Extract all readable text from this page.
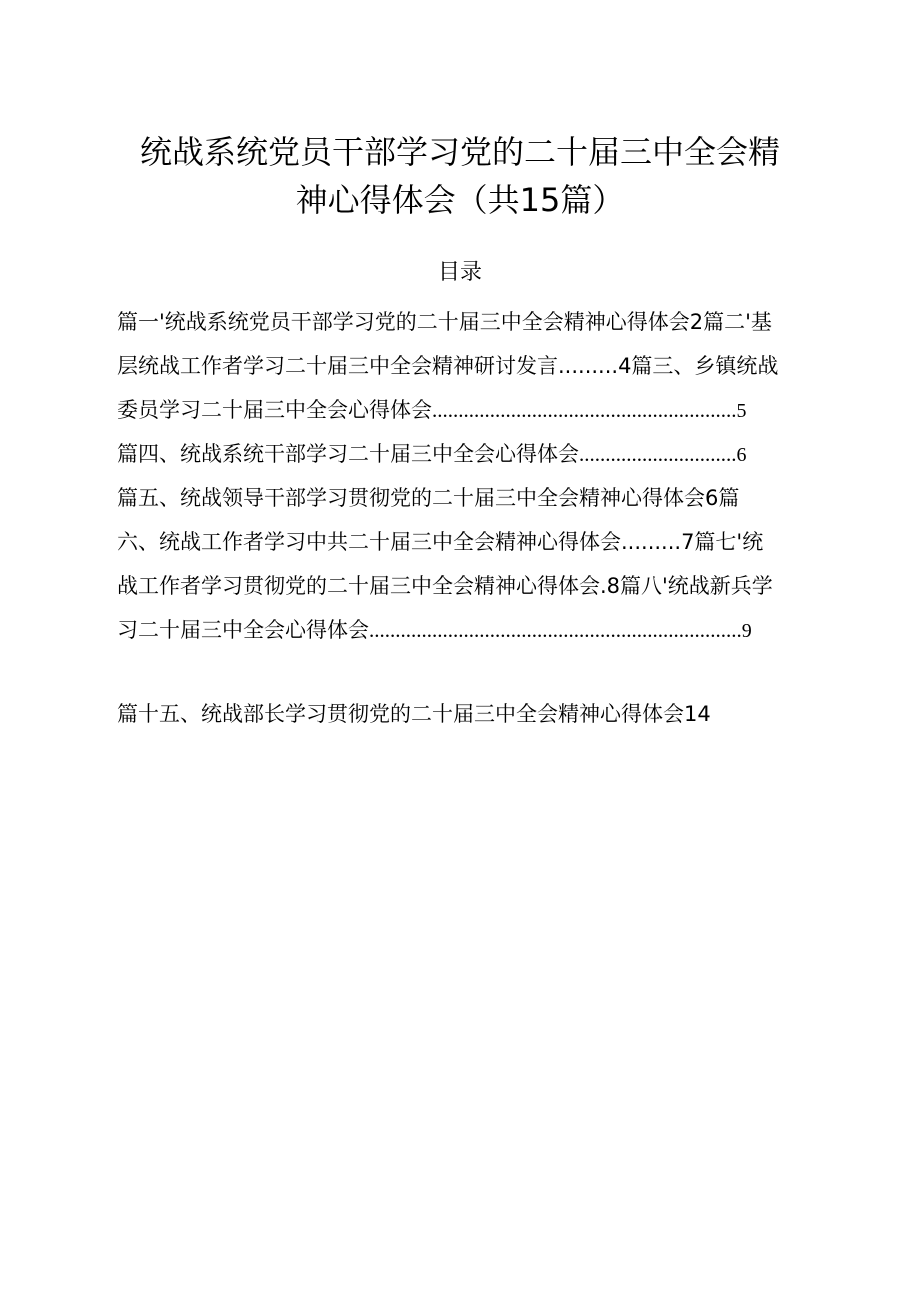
统战系统党员干部学习党的二十届三中全会精
神心得体会（共15篇）
目录
篇一'统战系统党员干部学习党的二十届三中全会精神心得体会2篇二'基
层统战工作者学习二十届三中全会精神研讨发言.........4篇三、乡镇统战
委员学习二十届三中全会心得体会..........................................................5
篇四、统战系统干部学习二十届三中全会心得体会..............................6
篇五、统战领导干部学习贯彻党的二十届三中全会精神心得体会6篇
六、统战工作者学习中共二十届三中全会精神心得体会.........7篇七'统
战工作者学习贯彻党的二十届三中全会精神心得体会.8篇八'统战新兵学
习二十届三中全会心得体会.......................................................................9
篇十五、统战部长学习贯彻党的二十届三中全会精神心得体会14
